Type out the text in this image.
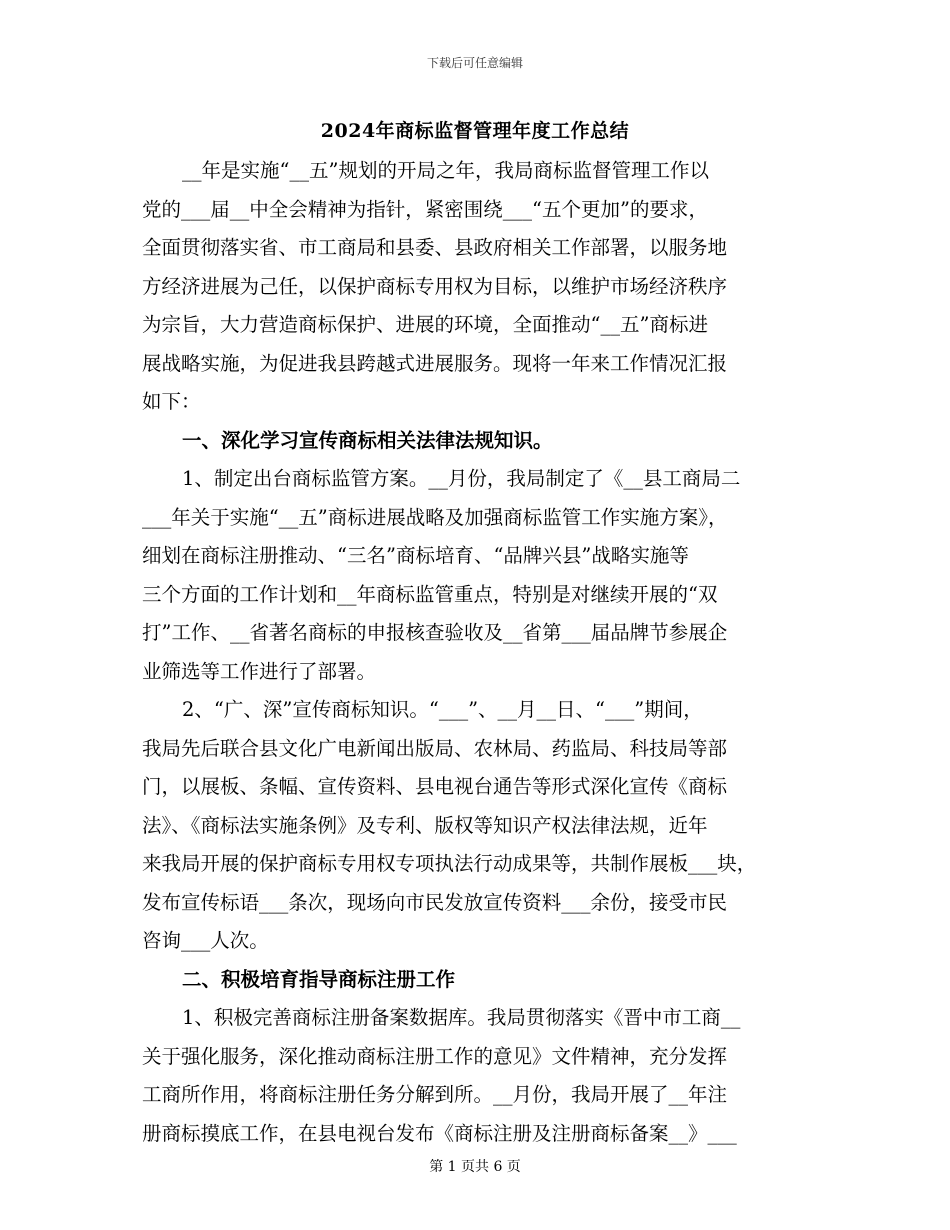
下载后可任意编辑
2024年商标监督管理年度工作总结
__年是实施“__五”规划的开局之年，我局商标监督管理工作以
党的___届__中全会精神为指针，紧密围绕___“五个更加”的要求，
全面贯彻落实省、市工商局和县委、县政府相关工作部署，以服务地
方经济进展为己任，以保护商标专用权为目标，以维护市场经济秩序
为宗旨，大力营造商标保护、进展的环境，全面推动“__五”商标进
展战略实施，为促进我县跨越式进展服务。现将一年来工作情况汇报
如下：
一、深化学习宣传商标相关法律法规知识。
1、制定出台商标监管方案。__月份，我局制定了《__县工商局二
___年关于实施“__五”商标进展战略及加强商标监管工作实施方案》，
细划在商标注册推动、“三名”商标培育、“品牌兴县”战略实施等
三个方面的工作计划和__年商标监管重点，特别是对继续开展的“双
打”工作、__省著名商标的申报核查验收及__省第___届品牌节参展企
业筛选等工作进行了部署。
2、“广、深”宣传商标知识。“___”、__月__日、“___”期间，
我局先后联合县文化广电新闻出版局、农林局、药监局、科技局等部
门，以展板、条幅、宣传资料、县电视台通告等形式深化宣传《商标
法》、《商标法实施条例》及专利、版权等知识产权法律法规，近年
来我局开展的保护商标专用权专项执法行动成果等，共制作展板___块，
发布宣传标语___条次，现场向市民发放宣传资料___余份，接受市民
咨询___人次。
二、积极培育指导商标注册工作
1、积极完善商标注册备案数据库。我局贯彻落实《晋中市工商__
关于强化服务，深化推动商标注册工作的意见》文件精神，充分发挥
工商所作用，将商标注册任务分解到所。__月份，我局开展了__年注
册商标摸底工作，在县电视台发布《商标注册及注册商标备案__》___
第 1 页共 6 页
